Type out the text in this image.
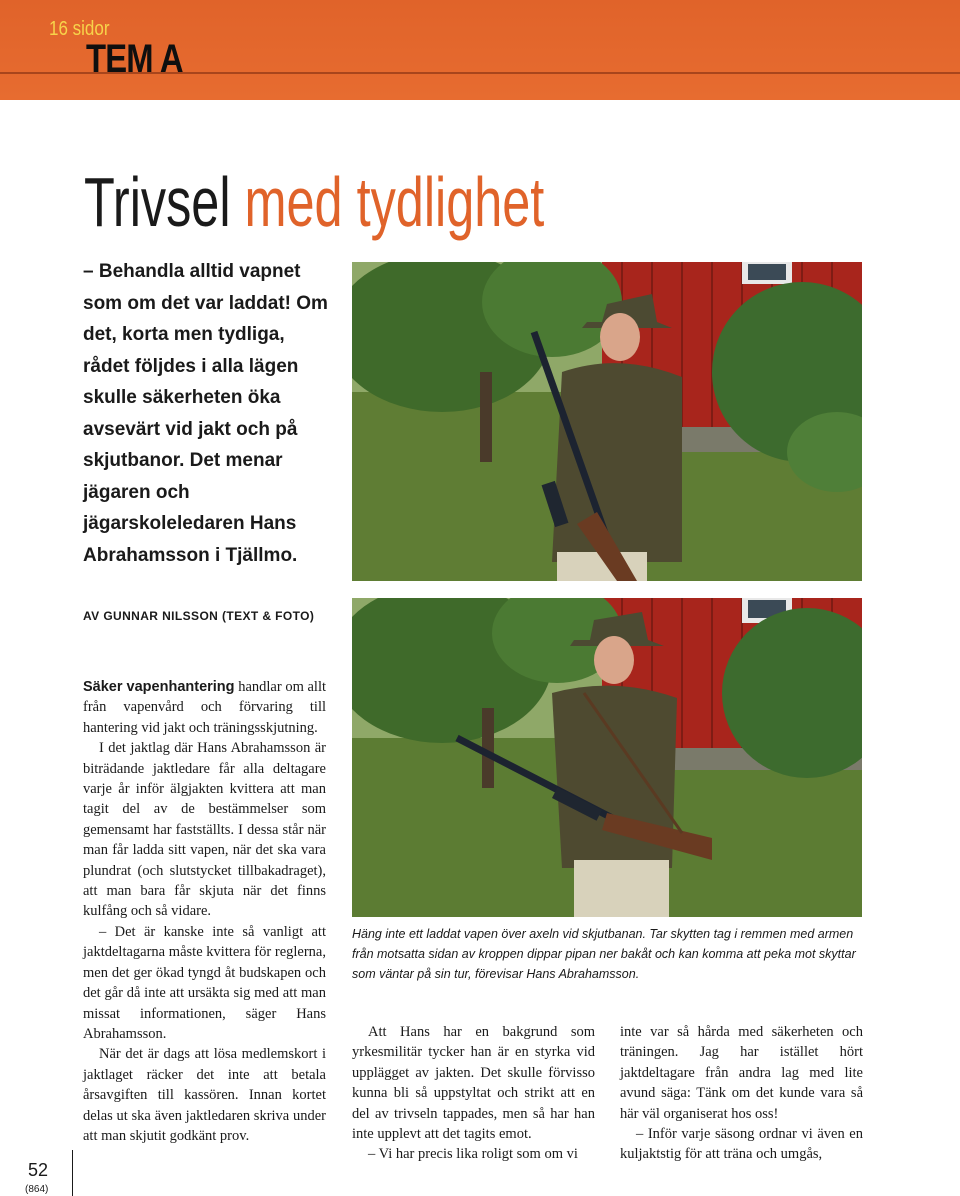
16 sidor
TEM A
Trivsel med tydlighet
– Behandla alltid vapnet som om det var laddat! Om det, korta men tydliga, rådet följdes i alla lägen skulle säkerheten öka avsevärt vid jakt och på skjutbanor. Det menar jägaren och jägarskoleledaren Hans Abrahamsson i Tjällmo.
AV GUNNAR NILSSON (TEXT & FOTO)
Häng inte ett laddat vapen över axeln vid skjutbanan. Tar skytten tag i remmen med armen från motsatta sidan av kroppen dippar pipan ner bakåt och kan komma att peka mot skyttar som väntar på sin tur, förevisar Hans Abrahamsson.

Säker vapenhantering handlar om allt från vapenvård och förvaring till hantering vid jakt och träningsskjutning.

I det jaktlag där Hans Abrahamsson är biträdande jaktledare får alla deltagare varje år inför älgjakten kvittera att man tagit del av de bestämmelser som gemensamt har fastställts. I dessa står när man får ladda sitt vapen, när det ska vara plundrat (och slutstycket tillbakadraget), att man bara får skjuta när det finns kulfång och så vidare.

– Det är kanske inte så vanligt att jaktdeltagarna måste kvittera för reglerna, men det ger ökad tyngd åt budskapen och det går då inte att ursäkta sig med att man missat informationen, säger Hans Abrahamsson.

När det är dags att lösa medlemskort i jaktlaget räcker det inte att betala årsavgiften till kassören. Innan kortet delas ut ska även jaktledaren skriva under att man skjutit godkänt prov.

Att Hans har en bakgrund som yrkesmilitär tycker han är en styrka vid upplägget av jakten. Det skulle förvisso kunna bli så uppstyltat och strikt att en del av trivseln tappades, men så har han inte upplevt att det tagits emot.

– Vi har precis lika roligt som om vi

inte var så hårda med säkerheten och träningen. Jag har istället hört jaktdeltagare från andra lag med lite avund säga: Tänk om det kunde vara så här väl organiserat hos oss!

– Inför varje säsong ordnar vi även en kuljaktstig för att träna och umgås,

52
(864)
